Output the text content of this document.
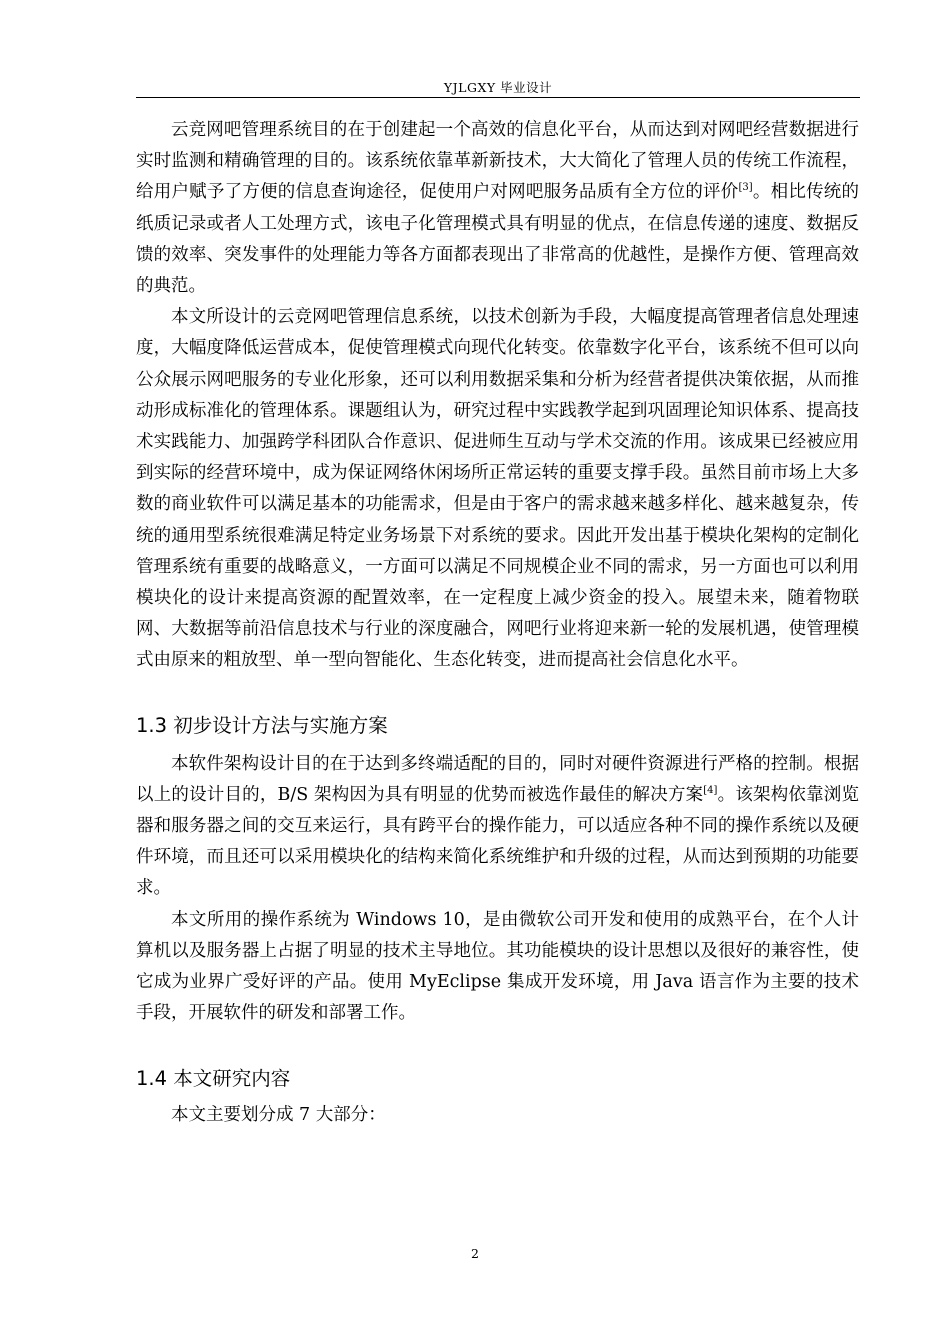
YJLGXY 毕业设计

云竞网吧管理系统目的在于创建起一个高效的信息化平台，从而达到对网吧经营数据进行实时监测和精确管理的目的。该系统依靠革新新技术，大大简化了管理人员的传统工作流程，给用户赋予了方便的信息查询途径，促使用户对网吧服务品质有全方位的评价[3]。相比传统的纸质记录或者人工处理方式，该电子化管理模式具有明显的优点，在信息传递的速度、数据反馈的效率、突发事件的处理能力等各方面都表现出了非常高的优越性，是操作方便、管理高效的典范。

本文所设计的云竞网吧管理信息系统，以技术创新为手段，大幅度提高管理者信息处理速度，大幅度降低运营成本，促使管理模式向现代化转变。依靠数字化平台，该系统不但可以向公众展示网吧服务的专业化形象，还可以利用数据采集和分析为经营者提供决策依据，从而推动形成标准化的管理体系。课题组认为，研究过程中实践教学起到巩固理论知识体系、提高技术实践能力、加强跨学科团队合作意识、促进师生互动与学术交流的作用。该成果已经被应用到实际的经营环境中，成为保证网络休闲场所正常运转的重要支撑手段。虽然目前市场上大多数的商业软件可以满足基本的功能需求，但是由于客户的需求越来越多样化、越来越复杂，传统的通用型系统很难满足特定业务场景下对系统的要求。因此开发出基于模块化架构的定制化管理系统有重要的战略意义，一方面可以满足不同规模企业不同的需求，另一方面也可以利用模块化的设计来提高资源的配置效率，在一定程度上减少资金的投入。展望未来，随着物联网、大数据等前沿信息技术与行业的深度融合，网吧行业将迎来新一轮的发展机遇，使管理模式由原来的粗放型、单一型向智能化、生态化转变，进而提高社会信息化水平。

1.3 初步设计方法与实施方案

本软件架构设计目的在于达到多终端适配的目的，同时对硬件资源进行严格的控制。根据以上的设计目的，B/S 架构因为具有明显的优势而被选作最佳的解决方案[4]。该架构依靠浏览器和服务器之间的交互来运行，具有跨平台的操作能力，可以适应各种不同的操作系统以及硬件环境，而且还可以采用模块化的结构来简化系统维护和升级的过程，从而达到预期的功能要求。

本文所用的操作系统为 Windows 10，是由微软公司开发和使用的成熟平台，在个人计算机以及服务器上占据了明显的技术主导地位。其功能模块的设计思想以及很好的兼容性，使它成为业界广受好评的产品。使用 MyEclipse 集成开发环境，用 Java 语言作为主要的技术手段，开展软件的研发和部署工作。

1.4 本文研究内容

本文主要划分成 7 大部分：

2
